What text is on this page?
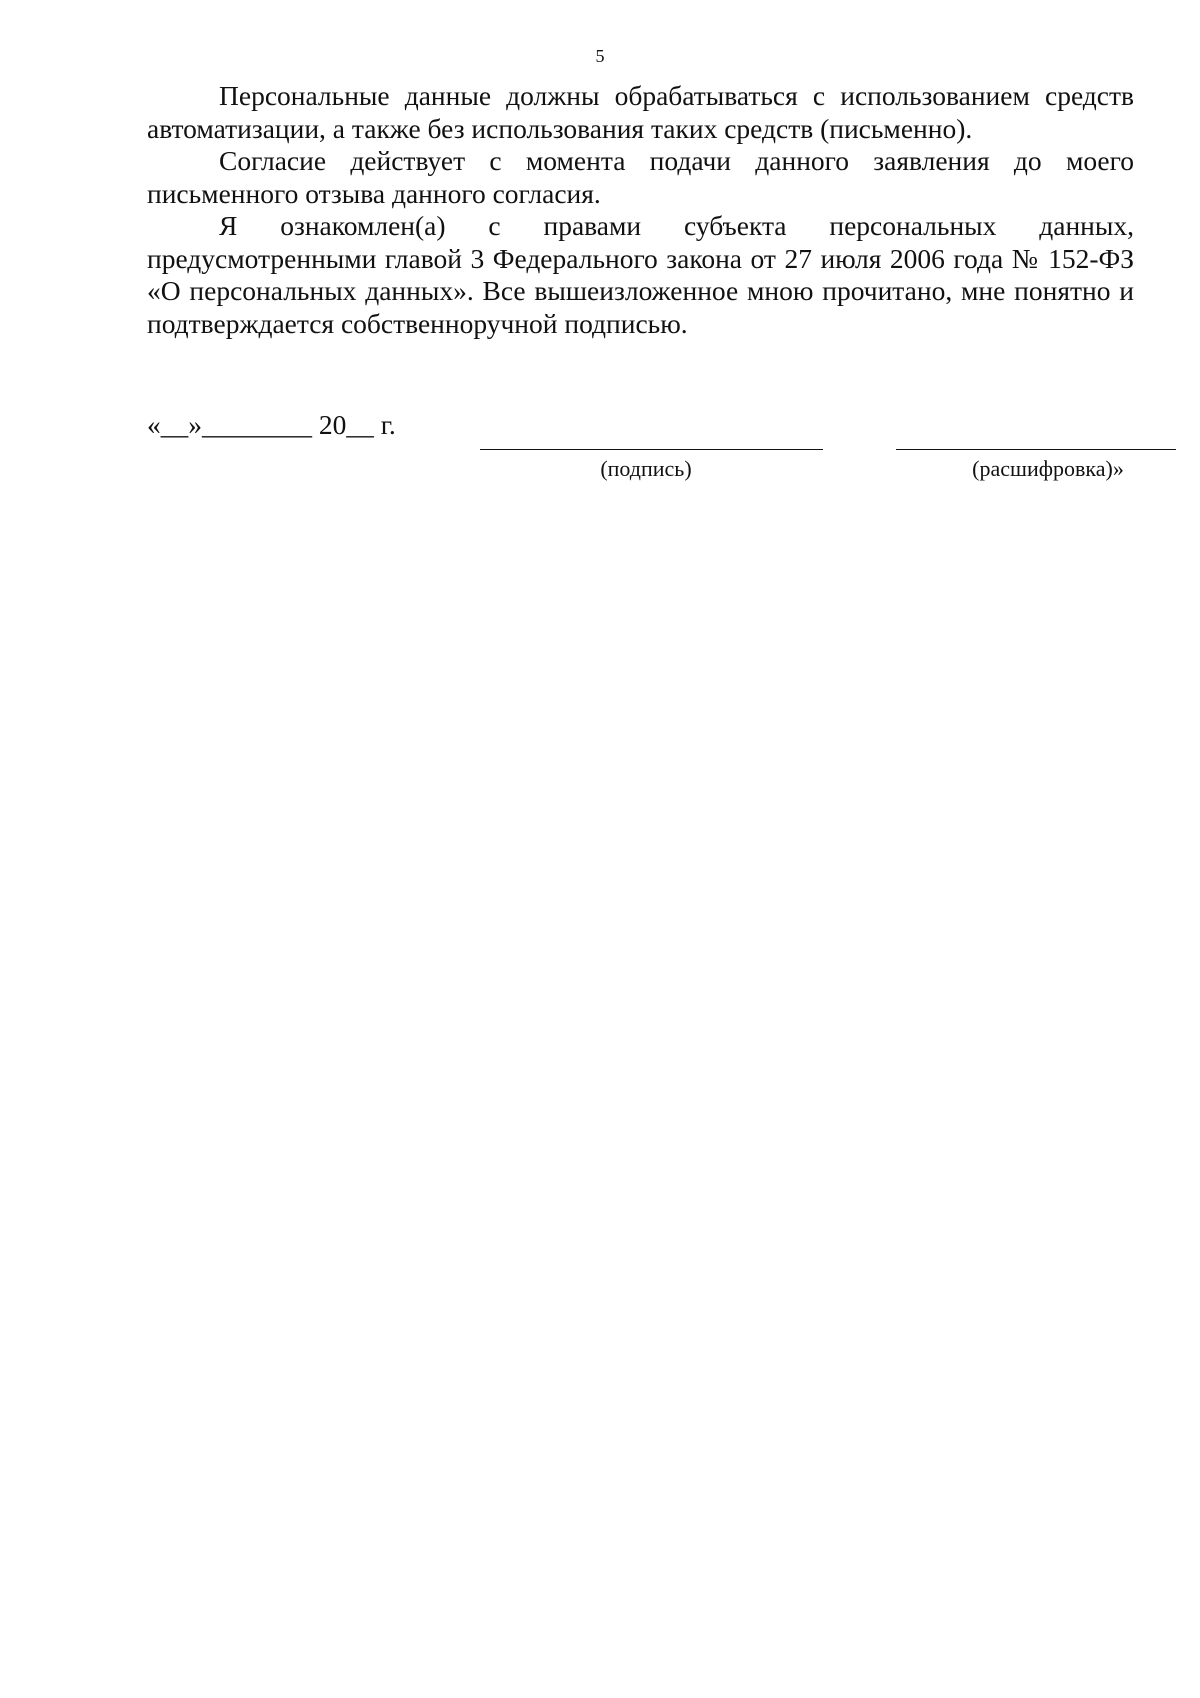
5

Персональные данные должны обрабатываться с использованием средств автоматизации, а также без использования таких средств (письменно).

Согласие действует с момента подачи данного заявления до моего письменного отзыва данного согласия.

Я ознакомлен(а) с правами субъекта персональных данных, предусмотренными главой 3 Федерального закона от 27 июля 2006 года № 152-ФЗ «О персональных данных». Все вышеизложенное мною прочитано, мне понятно и подтверждается собственноручной подписью.

«__»________ 20__ г.
(подпись)	(расшифровка)»
